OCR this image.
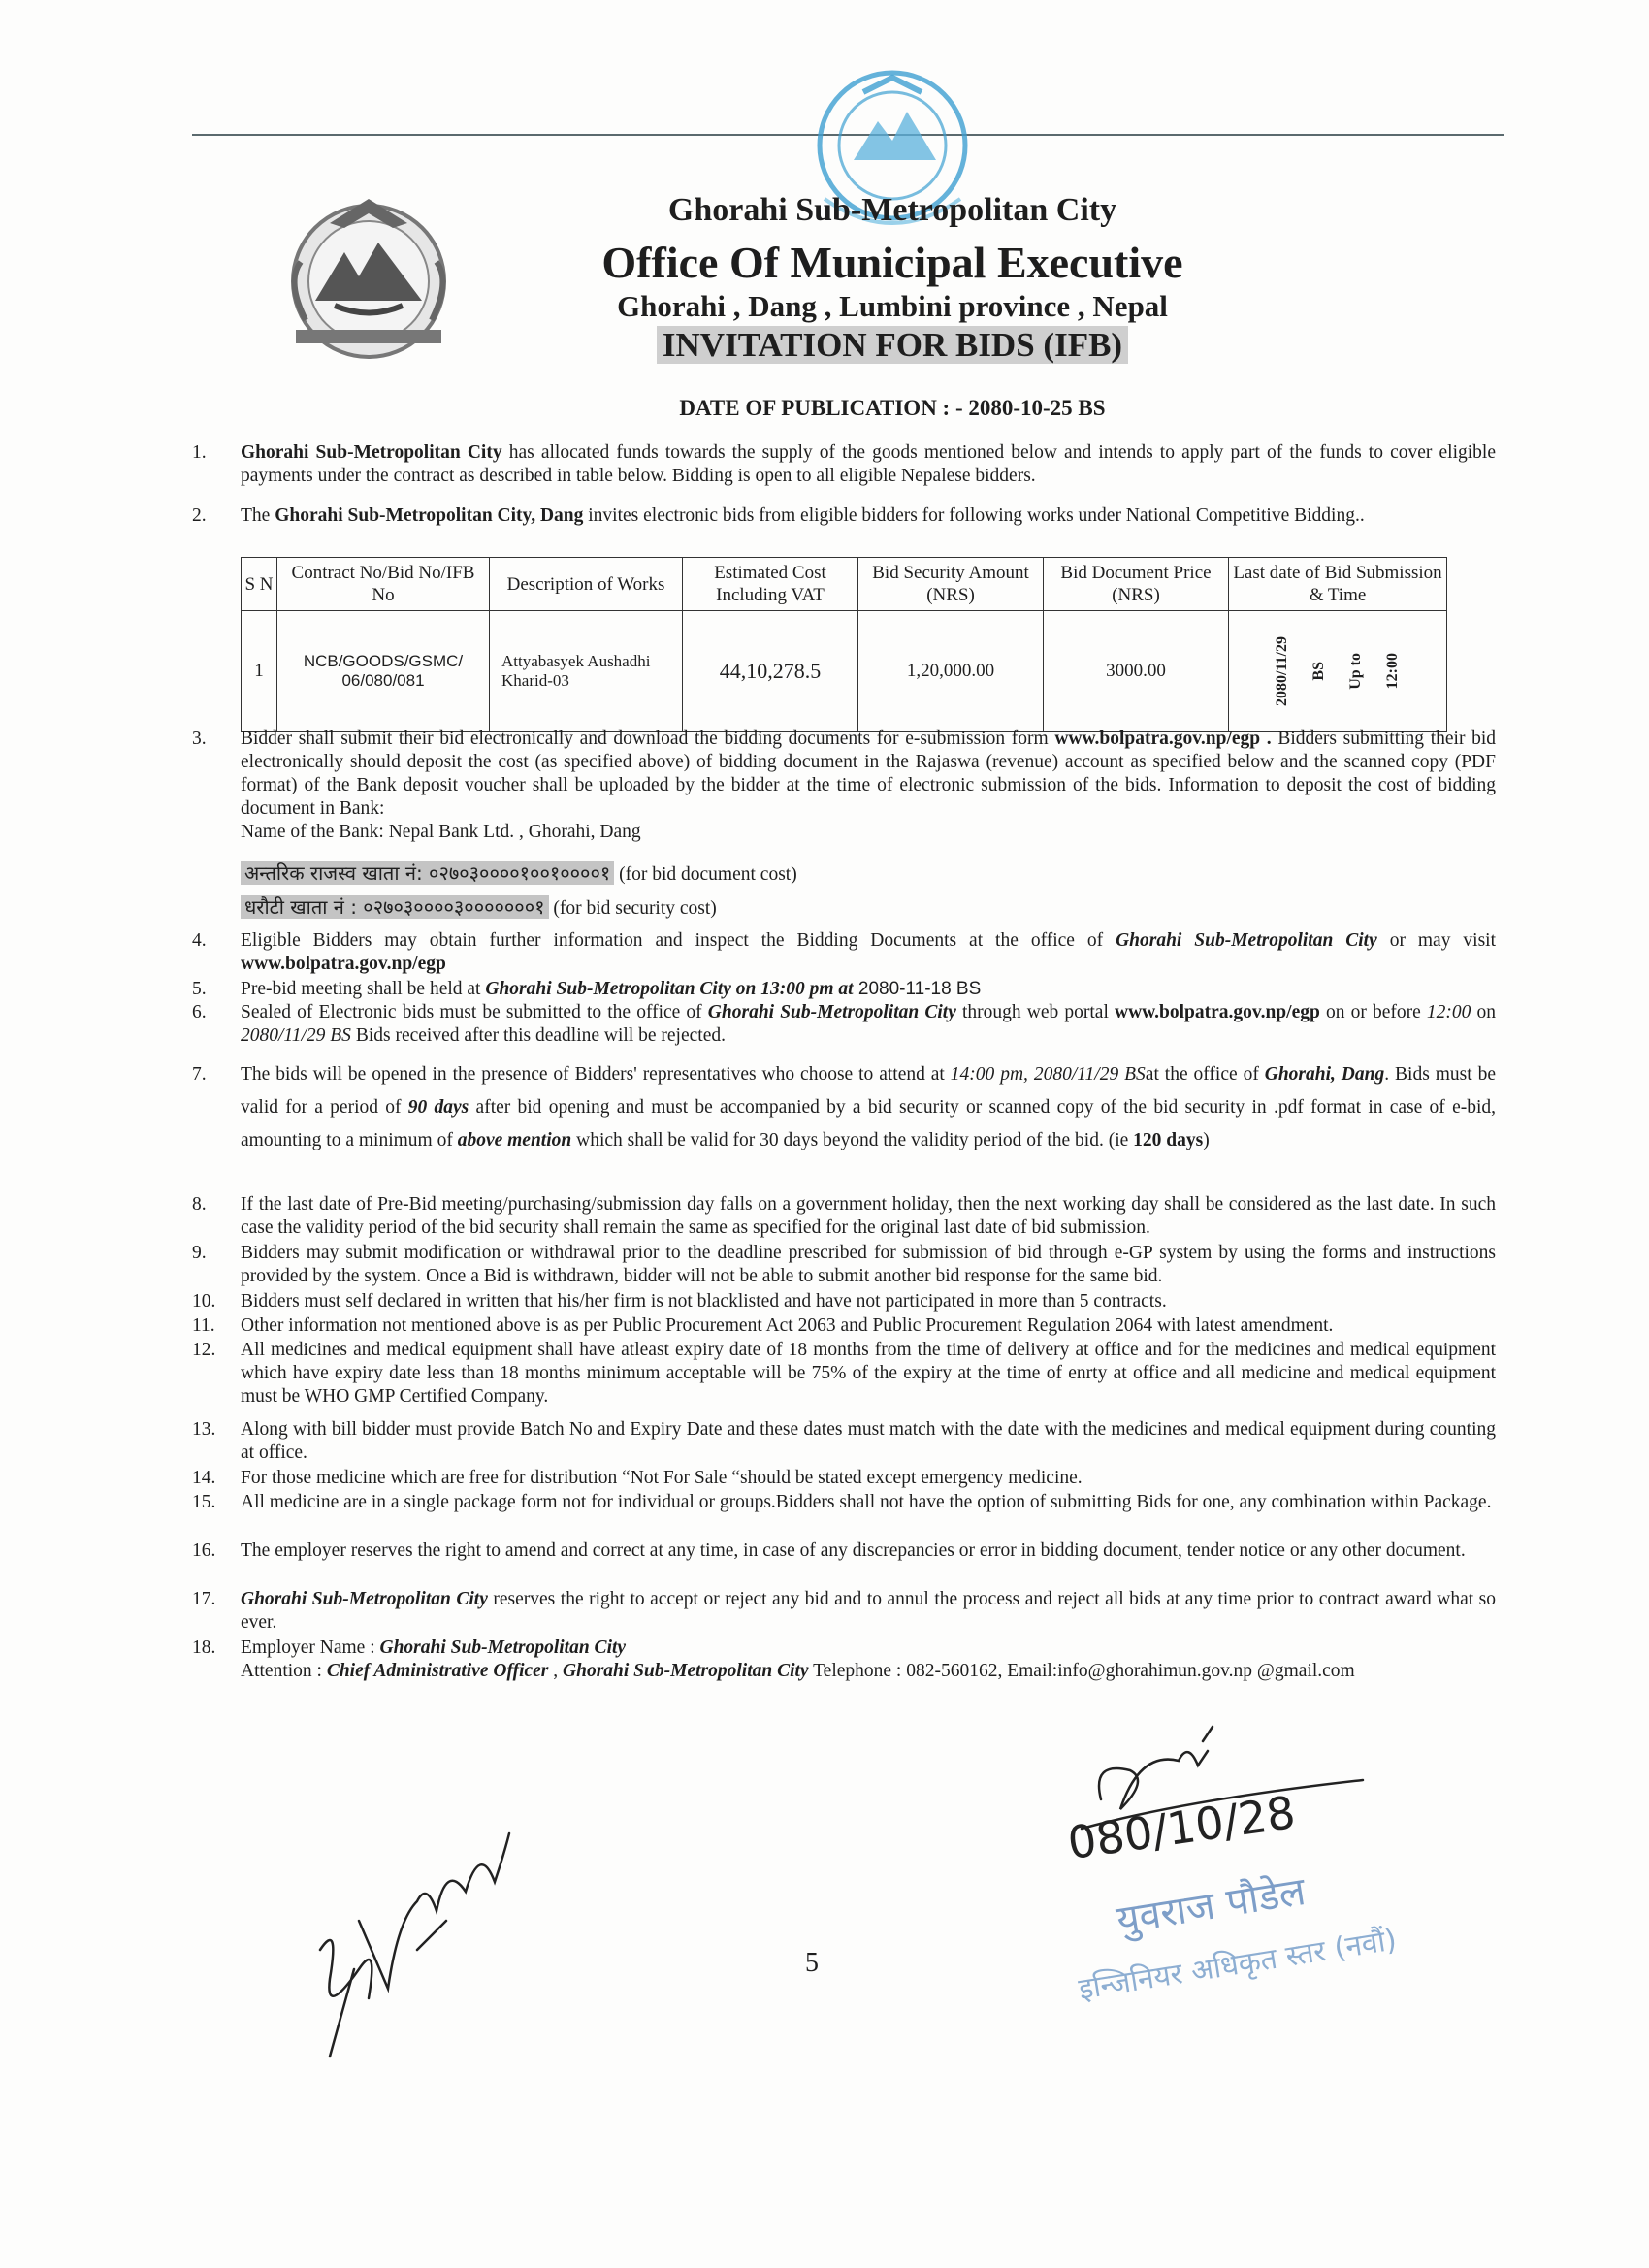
Ghorahi Sub-Metropolitan City
Office Of Municipal Executive
Ghorahi , Dang , Lumbini province , Nepal
INVITATION FOR BIDS (IFB)
DATE OF PUBLICATION : - 2080-10-25 BS
1. Ghorahi Sub-Metropolitan City has allocated funds towards the supply of the goods mentioned below and intends to apply part of the funds to cover eligible payments under the contract as described in table below. Bidding is open to all eligible Nepalese bidders.
2. The Ghorahi Sub-Metropolitan City, Dang invites electronic bids from eligible bidders for following works under National Competitive Bidding..
S N	Contract No/Bid No/IFB No	Description of Works	Estimated Cost Including VAT	Bid Security Amount (NRS)	Bid Document Price (NRS)	Last date of Bid Submission & Time
1	NCB/GOODS/GSMC/ 06/080/081	Attyabasyek Aushadhi Kharid-03	44,10,278.5	1,20,000.00	3000.00	2080/11/29 BS Up to 12:00
3. Bidder shall submit their bid electronically and download the bidding documents for e-submission form www.bolpatra.gov.np/egp . Bidders submitting their bid electronically should deposit the cost (as specified above) of bidding document in the Rajaswa (revenue) account as specified below and the scanned copy (PDF format) of the Bank deposit voucher shall be uploaded by the bidder at the time of electronic submission of the bids. Information to deposit the cost of bidding document in Bank:
Name of the Bank: Nepal Bank Ltd. , Ghorahi, Dang
अन्तरिक राजस्व खाता नं: ०२७०३००००१००१००००१ (for bid document cost)
धरौटी खाता नं : ०२७०३००००३०००००००१ (for bid security cost)
4. Eligible Bidders may obtain further information and inspect the Bidding Documents at the office of Ghorahi Sub-Metropolitan City or may visit www.bolpatra.gov.np/egp
5. Pre-bid meeting shall be held at Ghorahi Sub-Metropolitan City on 13:00 pm at 2080-11-18 BS
6. Sealed of Electronic bids must be submitted to the office of Ghorahi Sub-Metropolitan City through web portal www.bolpatra.gov.np/egp on or before 12:00 on 2080/11/29 BS Bids received after this deadline will be rejected.
7. The bids will be opened in the presence of Bidders' representatives who choose to attend at 14:00 pm, 2080/11/29 BSat the office of Ghorahi, Dang. Bids must be valid for a period of 90 days after bid opening and must be accompanied by a bid security or scanned copy of the bid security in .pdf format in case of e-bid, amounting to a minimum of above mention which shall be valid for 30 days beyond the validity period of the bid. (ie 120 days)
8. If the last date of Pre-Bid meeting/purchasing/submission day falls on a government holiday, then the next working day shall be considered as the last date. In such case the validity period of the bid security shall remain the same as specified for the original last date of bid submission.
9. Bidders may submit modification or withdrawal prior to the deadline prescribed for submission of bid through e-GP system by using the forms and instructions provided by the system. Once a Bid is withdrawn, bidder will not be able to submit another bid response for the same bid.
10. Bidders must self declared in written that his/her firm is not blacklisted and have not participated in more than 5 contracts.
11. Other information not mentioned above is as per Public Procurement Act 2063 and Public Procurement Regulation 2064 with latest amendment.
12. All medicines and medical equipment shall have atleast expiry date of 18 months from the time of delivery at office and for the medicines and medical equipment which have expiry date less than 18 months minimum acceptable will be 75% of the expiry at the time of enrty at office and all medicine and medical equipment must be WHO GMP Certified Company.
13. Along with bill bidder must provide Batch No and Expiry Date and these dates must match with the date with the medicines and medical equipment during counting at office.
14. For those medicine which are free for distribution “Not For Sale “should be stated except emergency medicine.
15. All medicine are in a single package form not for individual or groups.Bidders shall not have the option of submitting Bids for one, any combination within Package.
16. The employer reserves the right to amend and correct at any time, in case of any discrepancies or error in bidding document, tender notice or any other document.
17. Ghorahi Sub-Metropolitan City reserves the right to accept or reject any bid and to annul the process and reject all bids at any time prior to contract award what so ever.
18. Employer Name : Ghorahi Sub-Metropolitan City
Attention : Chief Administrative Officer , Ghorahi Sub-Metropolitan City Telephone : 082-560162, Email:info@ghorahimun.gov.np @gmail.com
080/10/28
युवराज पौडेल
इन्जिनियर अधिकृत स्तर (नवौं)
5
